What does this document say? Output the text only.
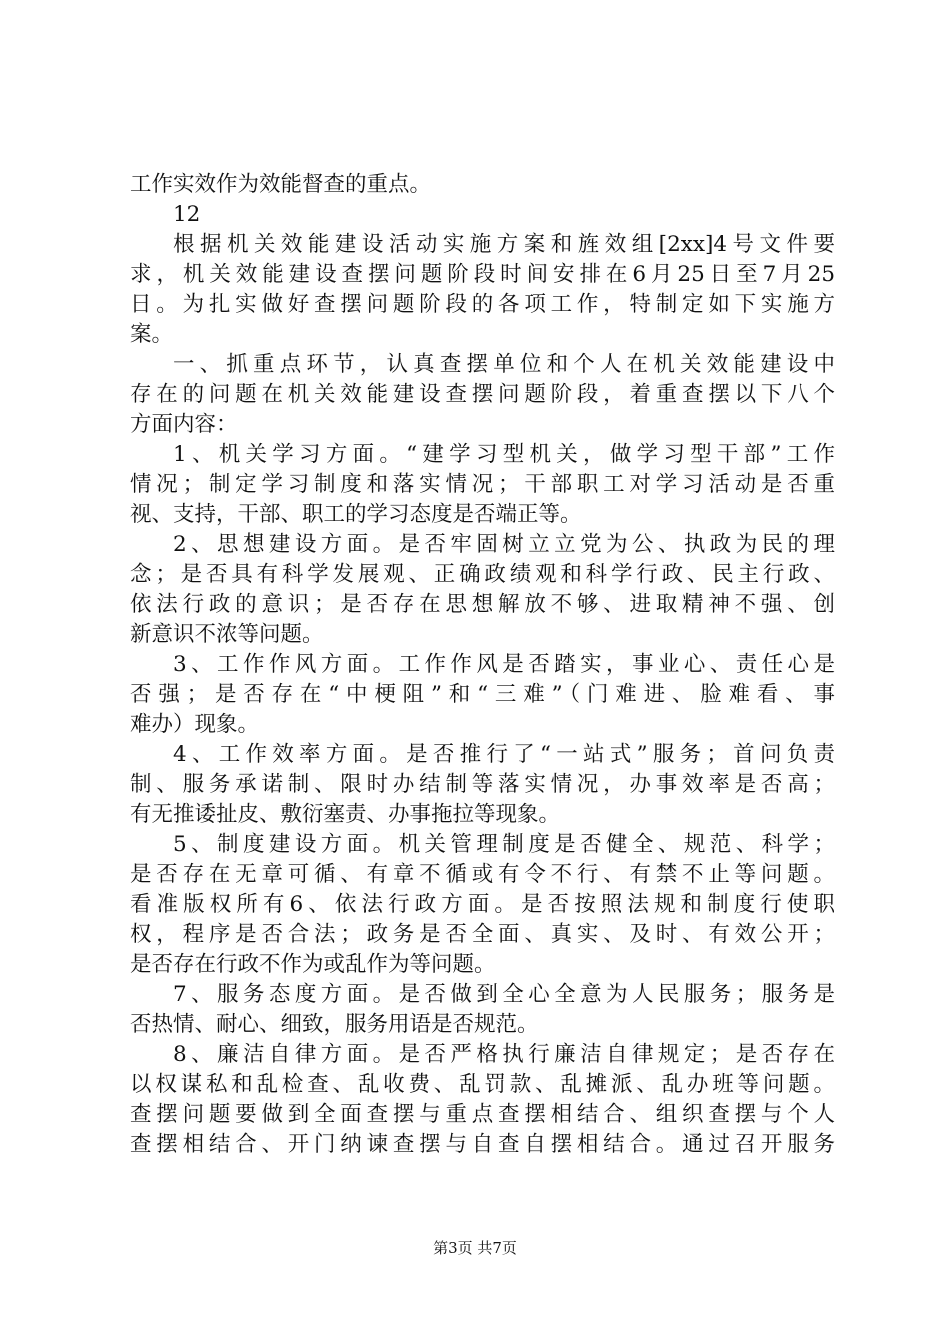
工作实效作为效能督查的重点。
12
根据机关效能建设活动实施方案和旌效组[2xx]4号文件要
求，机关效能建设查摆问题阶段时间安排在6月25日至7月25
日。为扎实做好查摆问题阶段的各项工作，特制定如下实施方
案。
一、抓重点环节，认真查摆单位和个人在机关效能建设中
存在的问题在机关效能建设查摆问题阶段，着重查摆以下八个
方面内容：
1、机关学习方面。“建学习型机关，做学习型干部”工作
情况；制定学习制度和落实情况；干部职工对学习活动是否重
视、支持，干部、职工的学习态度是否端正等。
2、思想建设方面。是否牢固树立立党为公、执政为民的理
念；是否具有科学发展观、正确政绩观和科学行政、民主行政、
依法行政的意识；是否存在思想解放不够、进取精神不强、创
新意识不浓等问题。
3、工作作风方面。工作作风是否踏实，事业心、责任心是
否强；是否存在“中梗阻”和“三难”（门难进、脸难看、事
难办）现象。
4、工作效率方面。是否推行了“一站式”服务；首问负责
制、服务承诺制、限时办结制等落实情况，办事效率是否高；
有无推诿扯皮、敷衍塞责、办事拖拉等现象。
5、制度建设方面。机关管理制度是否健全、规范、科学；
是否存在无章可循、有章不循或有令不行、有禁不止等问题。
看准版权所有6、依法行政方面。是否按照法规和制度行使职
权，程序是否合法；政务是否全面、真实、及时、有效公开；
是否存在行政不作为或乱作为等问题。
7、服务态度方面。是否做到全心全意为人民服务；服务是
否热情、耐心、细致，服务用语是否规范。
8、廉洁自律方面。是否严格执行廉洁自律规定；是否存在
以权谋私和乱检查、乱收费、乱罚款、乱摊派、乱办班等问题。
查摆问题要做到全面查摆与重点查摆相结合、组织查摆与个人
查摆相结合、开门纳谏查摆与自查自摆相结合。通过召开服务
第3页 共7页
